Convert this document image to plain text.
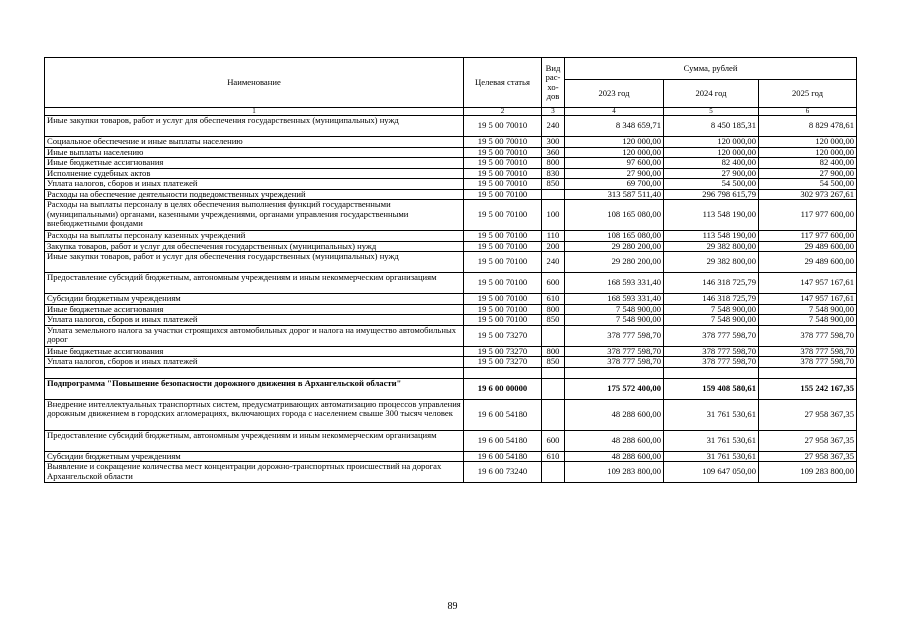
Наименование	Целевая статья	Вид рас-хо-дов	Сумма, рублей		
			2023 год	2024 год	2025 год
1	2	3	4	5	6
Иные закупки товаров, работ и услуг для обеспечения государственных (муниципальных) нужд	19 5 00 70010	240	8 348 659,71	8 450 185,31	8 829 478,61
Социальное обеспечение и иные выплаты населению	19 5 00 70010	300	120 000,00	120 000,00	120 000,00
Иные выплаты населению	19 5 00 70010	360	120 000,00	120 000,00	120 000,00
Иные бюджетные ассигнования	19 5 00 70010	800	97 600,00	82 400,00	82 400,00
Исполнение судебных актов	19 5 00 70010	830	27 900,00	27 900,00	27 900,00
Уплата налогов, сборов и иных платежей	19 5 00 70010	850	69 700,00	54 500,00	54 500,00
Расходы на обеспечение деятельности подведомственных учреждений	19 5 00 70100		313 587 511,40	296 798 615,79	302 973 267,61
Расходы на выплаты персоналу в целях обеспечения выполнения функций государственными (муниципальными) органами, казенными учреждениями, органами управления государственными внебюджетными фондами	19 5 00 70100	100	108 165 080,00	113 548 190,00	117 977 600,00
Расходы на выплаты персоналу казенных учреждений	19 5 00 70100	110	108 165 080,00	113 548 190,00	117 977 600,00
Закупка товаров, работ и услуг для обеспечения государственных (муниципальных) нужд	19 5 00 70100	200	29 280 200,00	29 382 800,00	29 489 600,00
Иные закупки товаров, работ и услуг для обеспечения государственных (муниципальных) нужд	19 5 00 70100	240	29 280 200,00	29 382 800,00	29 489 600,00
Предоставление субсидий бюджетным, автономным учреждениям и иным некоммерческим организациям	19 5 00 70100	600	168 593 331,40	146 318 725,79	147 957 167,61
Субсидии бюджетным учреждениям	19 5 00 70100	610	168 593 331,40	146 318 725,79	147 957 167,61
Иные бюджетные ассигнования	19 5 00 70100	800	7 548 900,00	7 548 900,00	7 548 900,00
Уплата налогов, сборов и иных платежей	19 5 00 70100	850	7 548 900,00	7 548 900,00	7 548 900,00
Уплата земельного налога за участки строящихся автомобильных дорог и налога на имущество автомобильных дорог	19 5 00 73270		378 777 598,70	378 777 598,70	378 777 598,70
Иные бюджетные ассигнования	19 5 00 73270	800	378 777 598,70	378 777 598,70	378 777 598,70
Уплата налогов, сборов и иных платежей	19 5 00 73270	850	378 777 598,70	378 777 598,70	378 777 598,70

Подпрограмма "Повышение безопасности дорожного движения в Архангельской области"	19 6 00 00000		175 572 400,00	159 408 580,61	155 242 167,35
Внедрение интеллектуальных транспортных систем, предусматривающих автоматизацию процессов управления дорожным движением в городских агломерациях, включающих города с населением свыше 300 тысяч человек	19 6 00 54180		48 288 600,00	31 761 530,61	27 958 367,35
Предоставление субсидий бюджетным, автономным учреждениям и иным некоммерческим организациям	19 6 00 54180	600	48 288 600,00	31 761 530,61	27 958 367,35
Субсидии бюджетным учреждениям	19 6 00 54180	610	48 288 600,00	31 761 530,61	27 958 367,35
Выявление и сокращение количества мест концентрации дорожно-транспортных происшествий на дорогах Архангельской области	19 6 00 73240		109 283 800,00	109 647 050,00	109 283 800,00
89
